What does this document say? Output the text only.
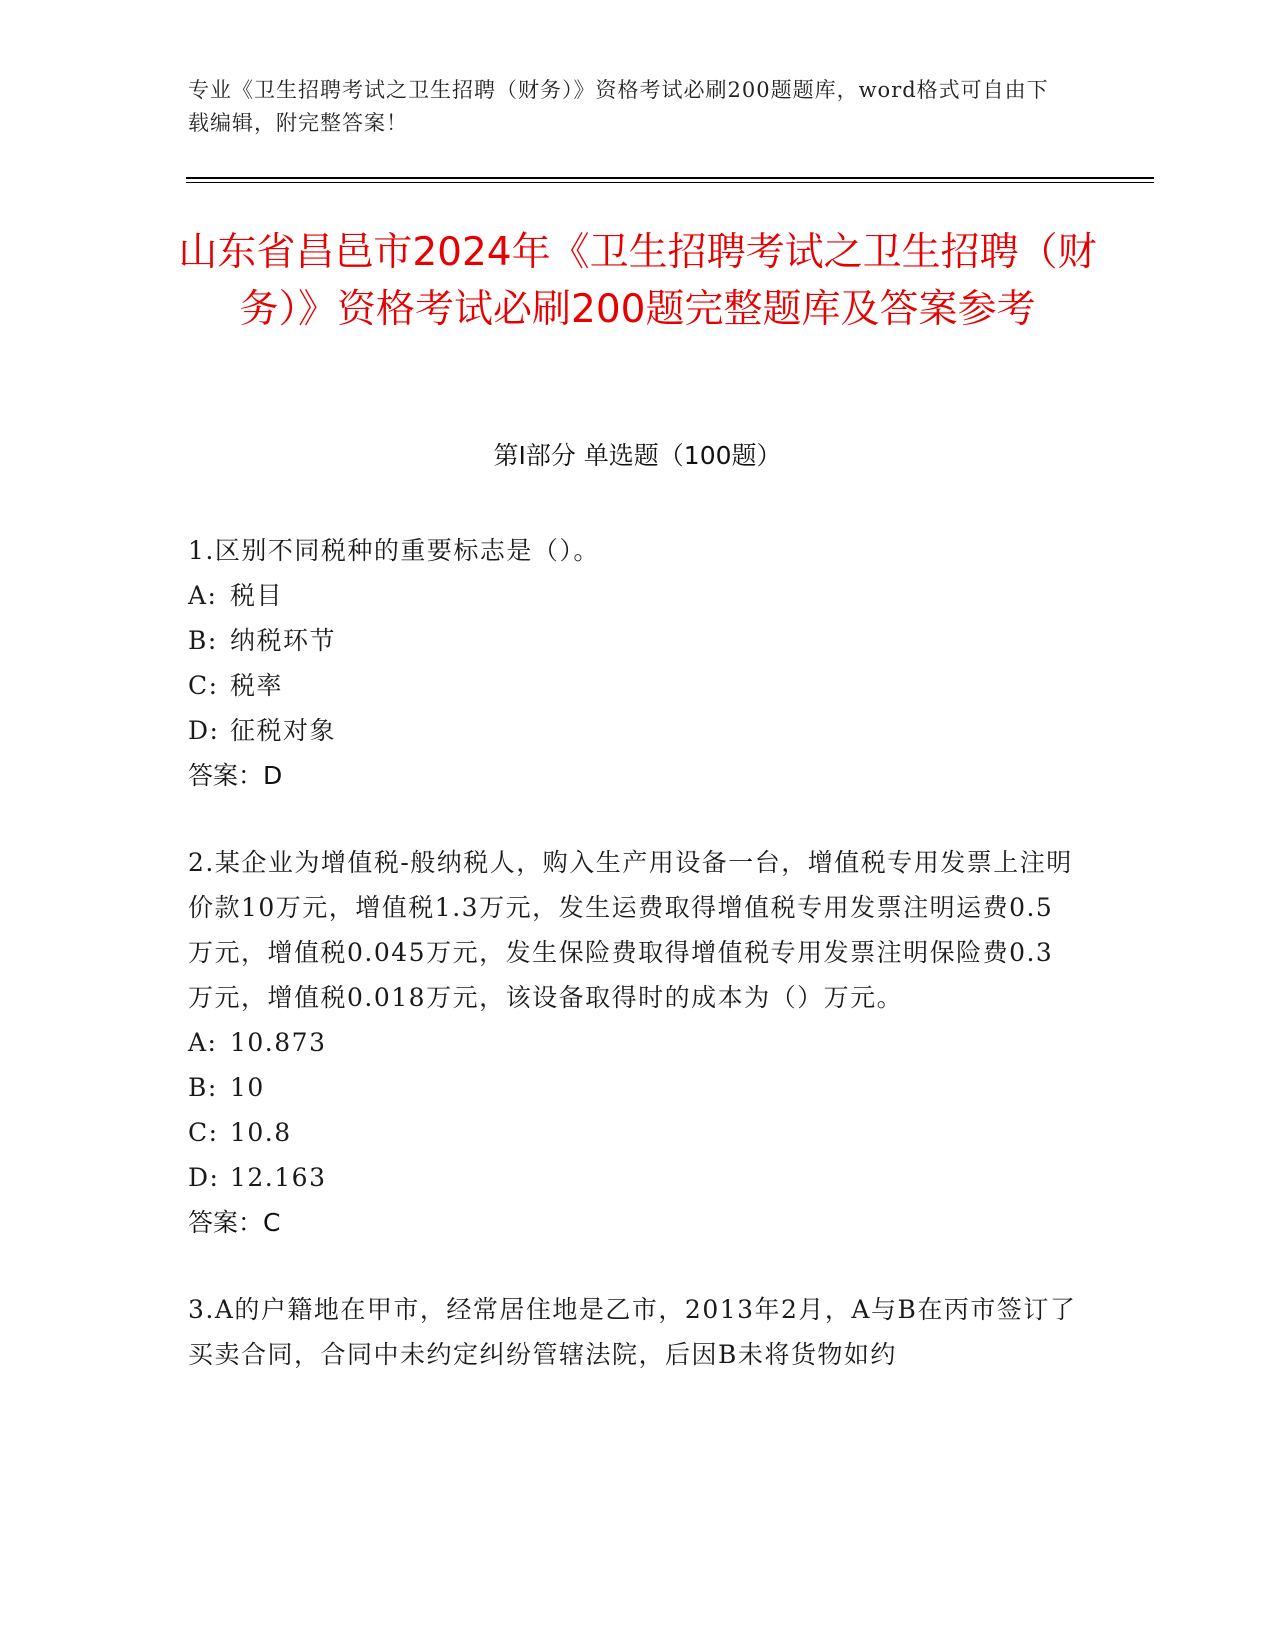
专业《卫生招聘考试之卫生招聘（财务）》资格考试必刷200题题库，word格式可自由下载编辑，附完整答案！
山东省昌邑市2024年《卫生招聘考试之卫生招聘（财务）》资格考试必刷200题完整题库及答案参考
第Ⅰ部分 单选题（100题）
1.区别不同税种的重要标志是（）。
A: 税目
B: 纳税环节
C: 税率
D: 征税对象
答案：D
2.某企业为增值税-般纳税人，购入生产用设备一台，增值税专用发票上注明价款10万元，增值税1.3万元，发生运费取得增值税专用发票注明运费0.5万元，增值税0.045万元，发生保险费取得增值税专用发票注明保险费0.3万元，增值税0.018万元，该设备取得时的成本为（）万元。
A: 10.873
B: 10
C: 10.8
D: 12.163
答案：C
3.A的户籍地在甲市，经常居住地是乙市，2013年2月，A与B在丙市签订了买卖合同，合同中未约定纠纷管辖法院，后因B未将货物如约
